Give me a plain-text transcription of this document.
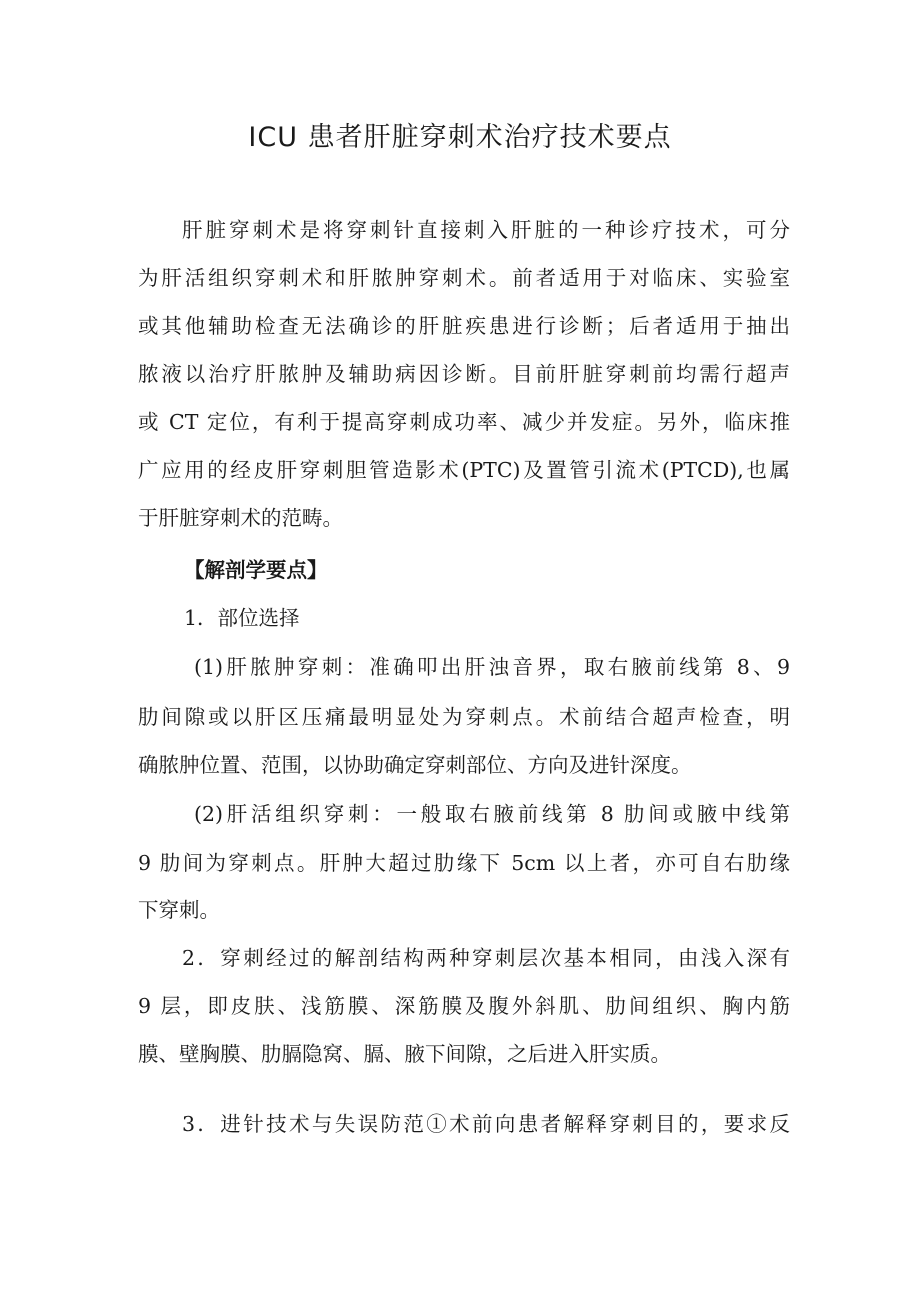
ICU 患者肝脏穿刺术治疗技术要点
肝脏穿刺术是将穿刺针直接刺入肝脏的一种诊疗技术，可分
为肝活组织穿刺术和肝脓肿穿刺术。前者适用于对临床、实验室
或其他辅助检查无法确诊的肝脏疾患进行诊断；后者适用于抽出
脓液以治疗肝脓肿及辅助病因诊断。目前肝脏穿刺前均需行超声
或 CT 定位，有利于提高穿刺成功率、减少并发症。另外，临床推
广应用的经皮肝穿刺胆管造影术(PTC)及置管引流术(PTCD),也属
于肝脏穿刺术的范畴。
【解剖学要点】
1．部位选择
(1)肝脓肿穿刺：准确叩出肝浊音界，取右腋前线第 8、9
肋间隙或以肝区压痛最明显处为穿刺点。术前结合超声检查，明
确脓肿位置、范围，以协助确定穿刺部位、方向及进针深度。
(2)肝活组织穿刺：一般取右腋前线第 8 肋间或腋中线第
9 肋间为穿刺点。肝肿大超过肋缘下 5cm 以上者，亦可自右肋缘
下穿刺。
2．穿刺经过的解剖结构两种穿刺层次基本相同，由浅入深有
9 层，即皮肤、浅筋膜、深筋膜及腹外斜肌、肋间组织、胸内筋
膜、壁胸膜、肋膈隐窝、膈、腋下间隙，之后进入肝实质。
3．进针技术与失误防范①术前向患者解释穿刺目的，要求反
